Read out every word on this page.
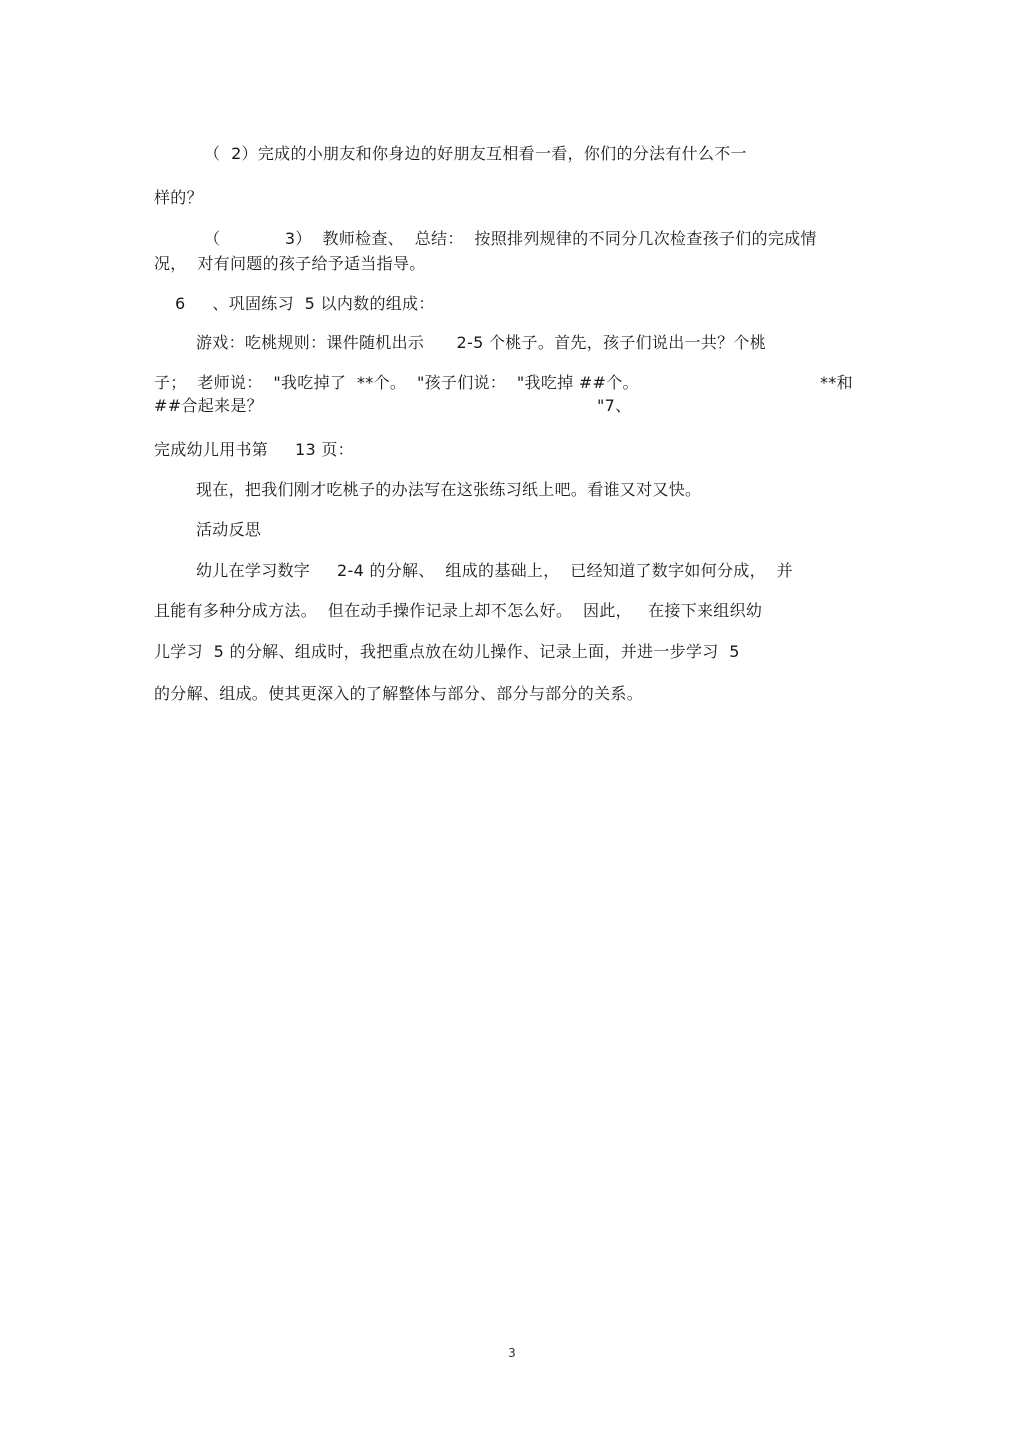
（  2）完成的小朋友和你身边的好朋友互相看一看，你们的分法有什么不一
样的？
（            3）  教师检查、  总结：  按照排列规律的不同分几次检查孩子们的完成情
况，  对有问题的孩子给予适当指导。
6     、巩固练习  5 以内数的组成：
游戏：吃桃规则：课件随机出示      2-5 个桃子。首先，孩子们说出一共？个桃
子；  老师说：  "我吃掉了  **个。  "孩子们说：  "我吃掉 ##个。	**和
##合起来是？	"7、
完成幼儿用书第     13 页：
现在，把我们刚才吃桃子的办法写在这张练习纸上吧。看谁又对又快。
活动反思
幼儿在学习数字     2-4 的分解、  组成的基础上，  已经知道了数字如何分成，  并
且能有多种分成方法。  但在动手操作记录上却不怎么好。  因此，   在接下来组织幼
儿学习  5 的分解、组成时，我把重点放在幼儿操作、记录上面，并进一步学习  5
的分解、组成。使其更深入的了解整体与部分、部分与部分的关系。
3
